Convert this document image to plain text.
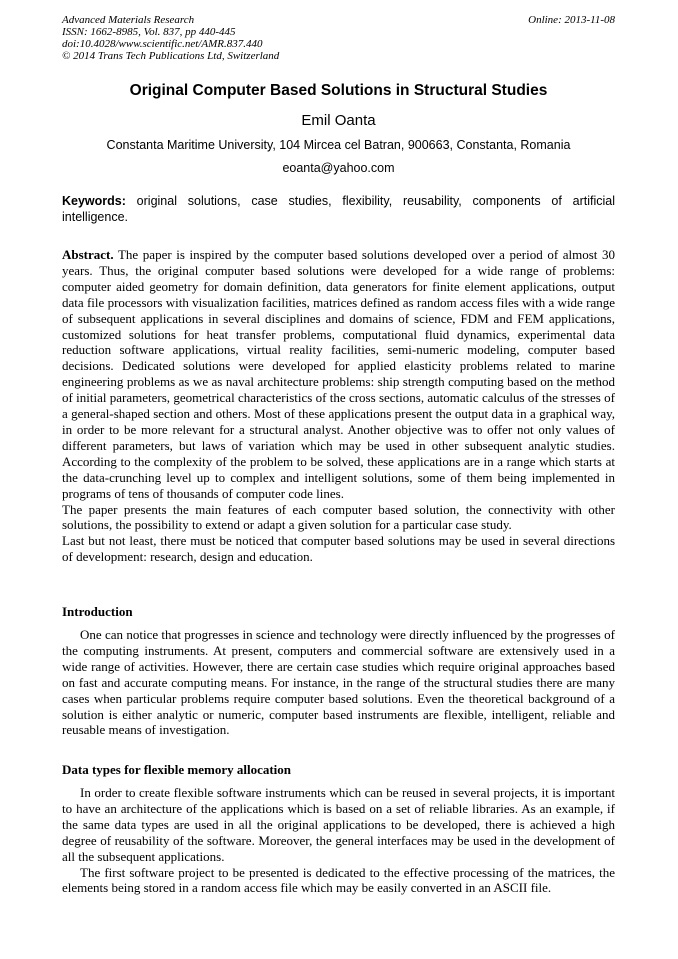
Advanced Materials Research
ISSN: 1662-8985, Vol. 837, pp 440-445
doi:10.4028/www.scientific.net/AMR.837.440
© 2014 Trans Tech Publications Ltd, Switzerland
Online: 2013-11-08
Original Computer Based Solutions in Structural Studies
Emil Oanta
Constanta Maritime University, 104 Mircea cel Batran, 900663, Constanta, Romania
eoanta@yahoo.com
Keywords: original solutions, case studies, flexibility, reusability, components of artificial intelligence.

Abstract. The paper is inspired by the computer based solutions developed over a period of almost 30 years. Thus, the original computer based solutions were developed for a wide range of problems: computer aided geometry for domain definition, data generators for finite element applications, output data file processors with visualization facilities, matrices defined as random access files with a wide range of subsequent applications in several disciplines and domains of science, FDM and FEM applications, customized solutions for heat transfer problems, computational fluid dynamics, experimental data reduction software applications, virtual reality facilities, semi-numeric modeling, computer based decisions. Dedicated solutions were developed for applied elasticity problems related to marine engineering problems as we as naval architecture problems: ship strength computing based on the method of initial parameters, geometrical characteristics of the cross sections, automatic calculus of the stresses of a general-shaped section and others. Most of these applications present the output data in a graphical way, in order to be more relevant for a structural analyst. Another objective was to offer not only values of different parameters, but laws of variation which may be used in other subsequent analytic studies. According to the complexity of the problem to be solved, these applications are in a range which starts at the data-crunching level up to complex and intelligent solutions, some of them being implemented in programs of tens of thousands of computer code lines.

The paper presents the main features of each computer based solution, the connectivity with other solutions, the possibility to extend or adapt a given solution for a particular case study.

Last but not least, there must be noticed that computer based solutions may be used in several directions of development: research, design and education.

Introduction

One can notice that progresses in science and technology were directly influenced by the progresses of the computing instruments. At present, computers and commercial software are extensively used in a wide range of activities. However, there are certain case studies which require original approaches based on fast and accurate computing means. For instance, in the range of the structural studies there are many cases when particular problems require computer based solutions. Even the theoretical background of a solution is either analytic or numeric, computer based instruments are flexible, intelligent, reliable and reusable means of investigation.

Data types for flexible memory allocation

In order to create flexible software instruments which can be reused in several projects, it is important to have an architecture of the applications which is based on a set of reliable libraries. As an example, if the same data types are used in all the original applications to be developed, there is achieved a high degree of reusability of the software. Moreover, the general interfaces may be used in the development of all the subsequent applications.

The first software project to be presented is dedicated to the effective processing of the matrices, the elements being stored in a random access file which may be easily converted in an ASCII file.
